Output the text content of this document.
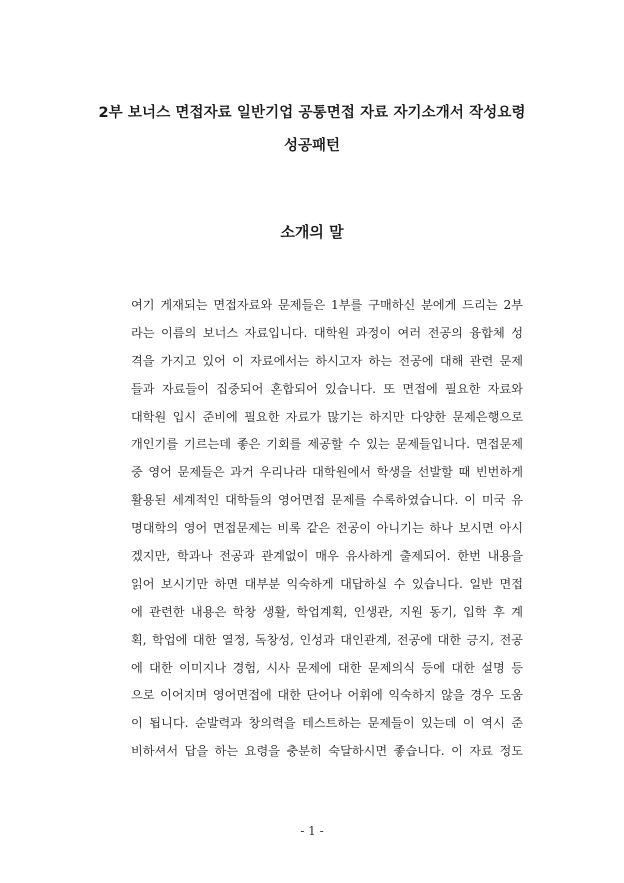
2부 보너스 면접자료 일반기업 공통면접 자료 자기소개서 작성요령
성공패턴
소개의 말
여기 게재되는 면접자료와 문제들은 1부를 구매하신 분에게 드리는 2부
라는 이름의 보너스 자료입니다. 대학원 과정이 여러 전공의 융합체 성
격을 가지고 있어 이 자료에서는 하시고자 하는 전공에 대해 관련 문제
들과 자료들이 집중되어 혼합되어 있습니다. 또 면접에 필요한 자료와
대학원 입시 준비에 필요한 자료가 많기는 하지만 다양한 문제은행으로
개인기를 기르는데 좋은 기회를 제공할 수 있는 문제들입니다. 면접문제
중 영어 문제들은 과거 우리나라 대학원에서 학생을 선발할 때 빈번하게
활용된 세계적인 대학들의 영어면접 문제를 수록하였습니다. 이 미국 유
명대학의 영어 면접문제는 비록 같은 전공이 아니기는 하나 보시면 아시
겠지만, 학과나 전공과 관계없이 매우 유사하게 출제되어. 한번 내용을
읽어 보시기만 하면 대부분 익숙하게 대답하실 수 있습니다. 일반 면접
에 관련한 내용은 학창 생활, 학업계획, 인생관, 지원 동기, 입학 후 계
획, 학업에 대한 열정, 독창성, 인성과 대인관계, 전공에 대한 긍지, 전공
에 대한 이미지나 경험, 시사 문제에 대한 문제의식 등에 대한 설명 등
으로 이어지며 영어면접에 대한 단어나 어휘에 익숙하지 않을 경우 도움
이 됩니다. 순발력과 창의력을 테스트하는 문제들이 있는데 이 역시 준
비하셔서 답을 하는 요령을 충분히 숙달하시면 좋습니다. 이 자료 정도
- 1 -
